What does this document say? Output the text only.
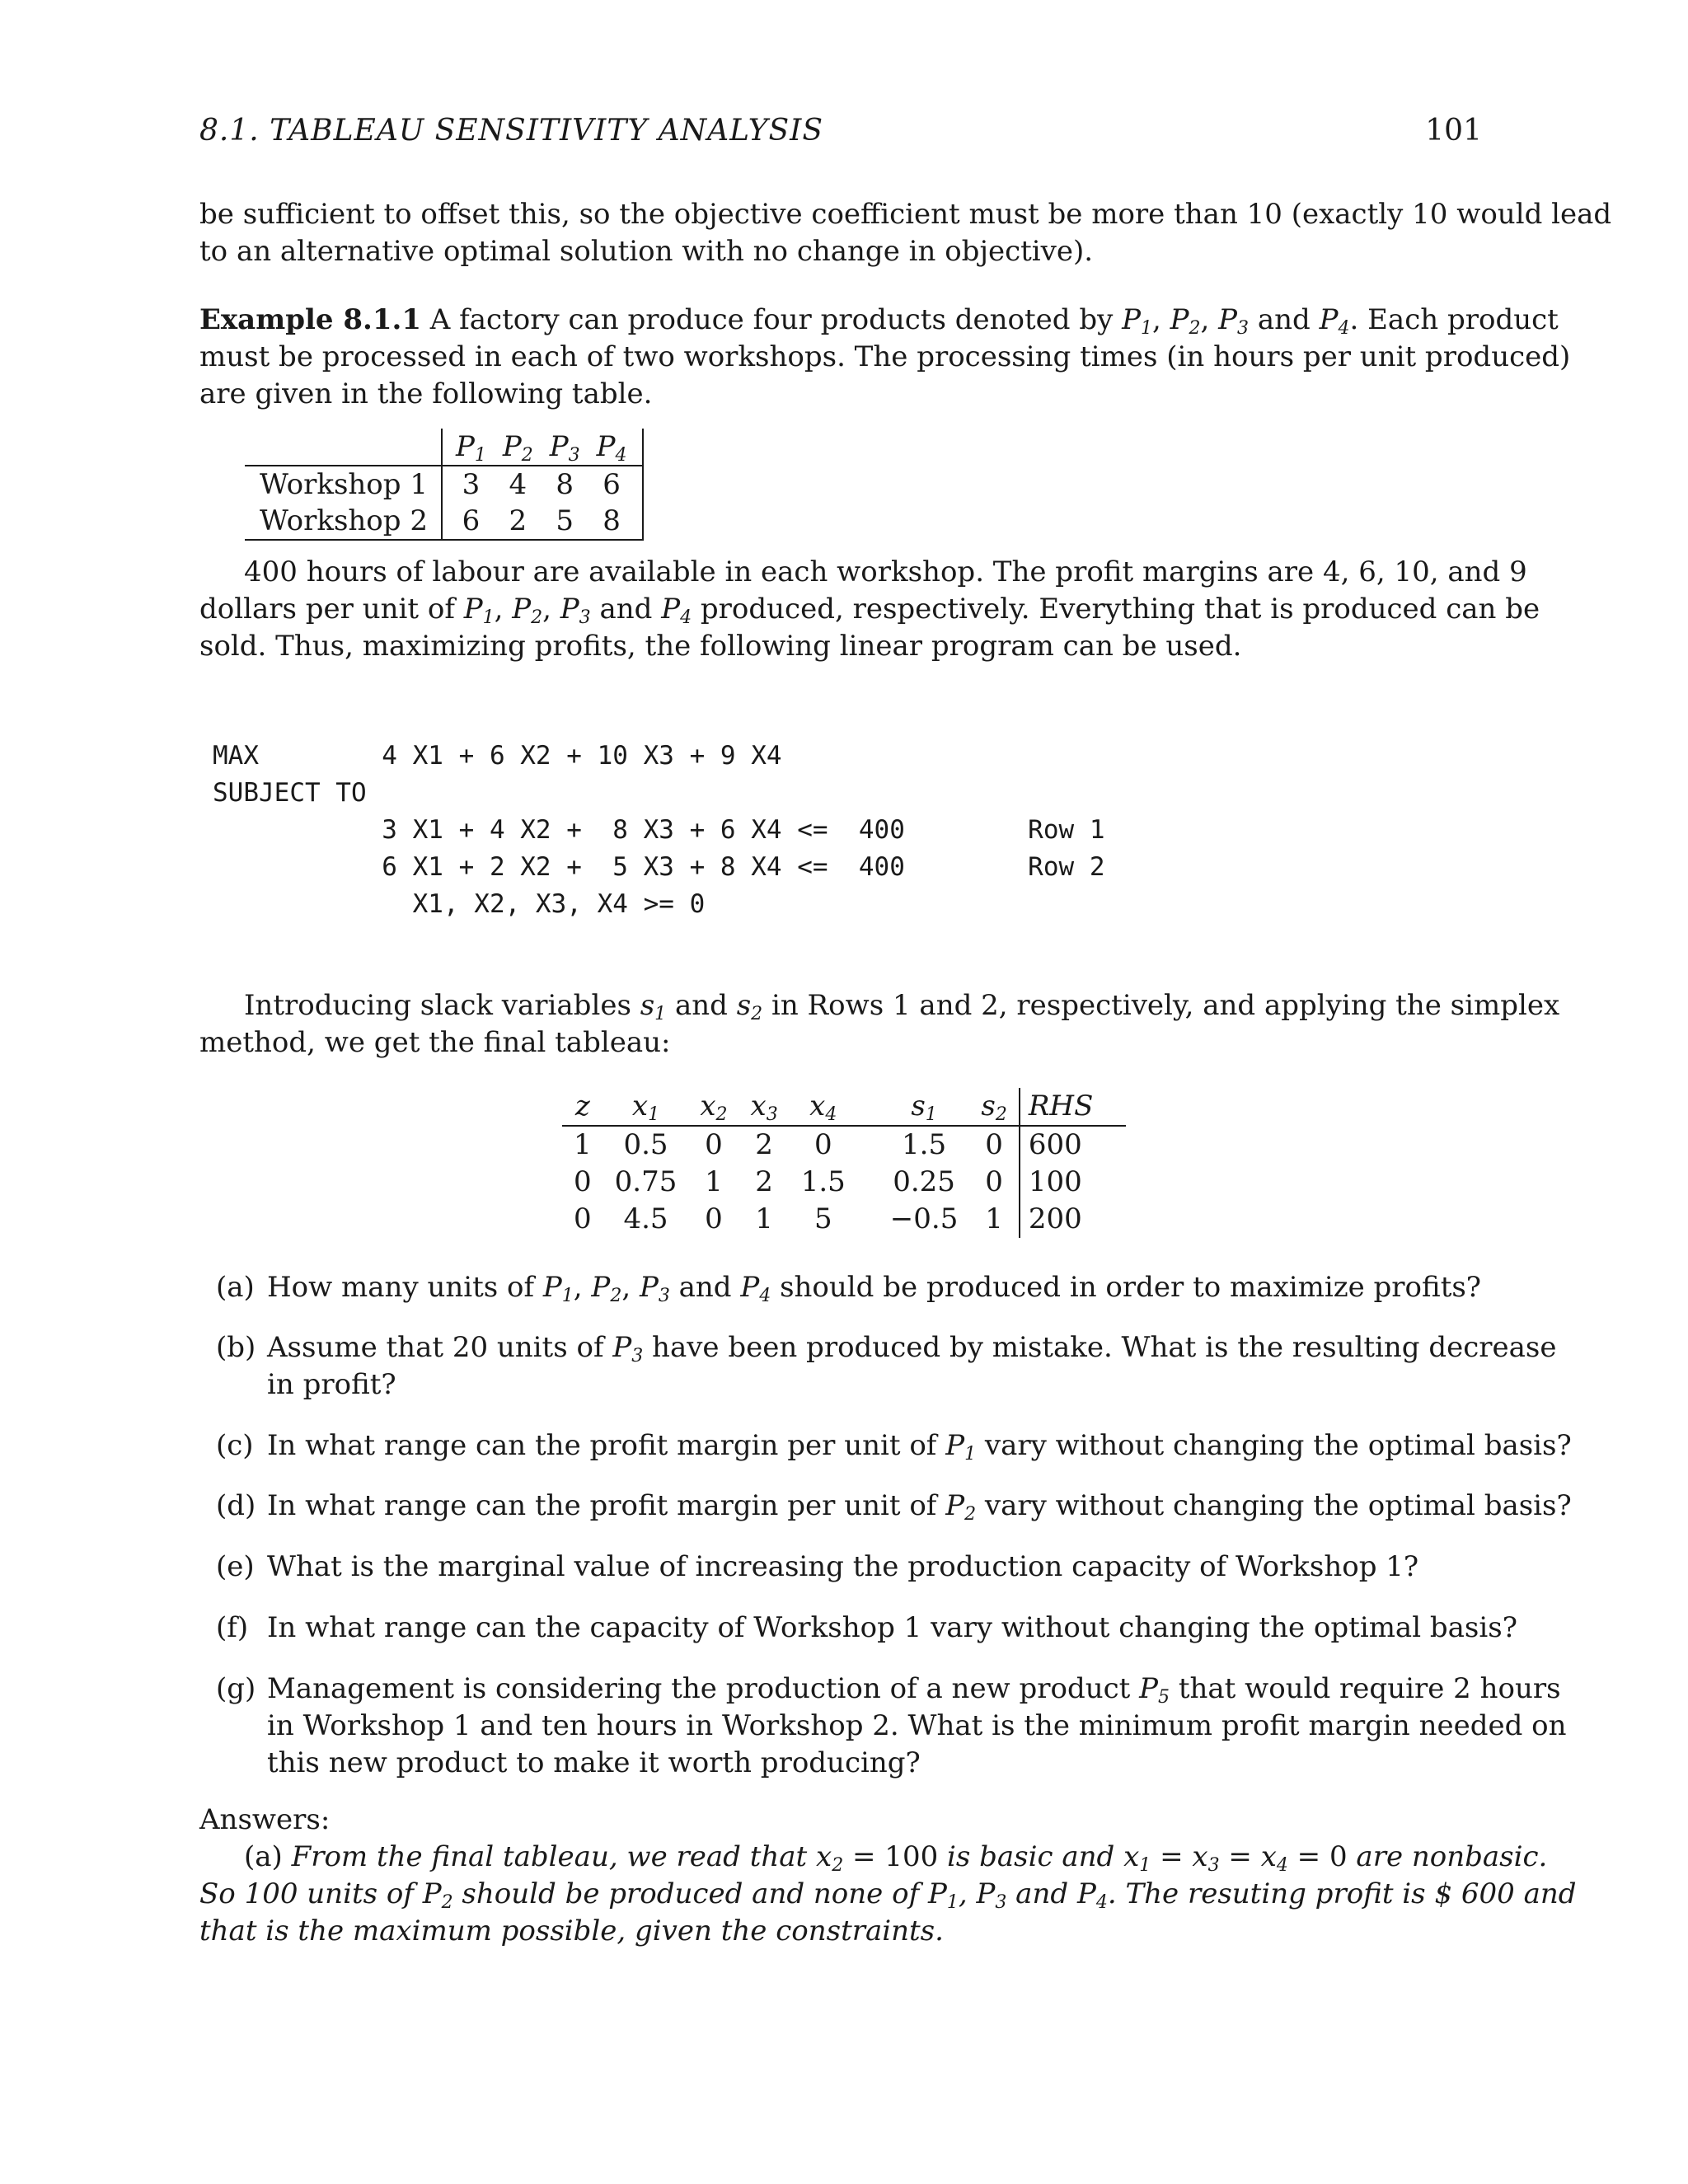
8.1. TABLEAU SENSITIVITY ANALYSIS	101
be sufficient to offset this, so the objective coefficient must be more than 10 (exactly 10 would lead
to an alternative optimal solution with no change in objective).
Example 8.1.1 A factory can produce four products denoted by $P_1$, $P_2$, $P_3$ and $P_4$. Each product
must be processed in each of two workshops. The processing times (in hours per unit produced)
are given in the following table.
	$P_1$	$P_2$	$P_3$	$P_4$
Workshop 1	3	4	8	6
Workshop 2	6	2	5	8
400 hours of labour are available in each workshop. The profit margins are 4, 6, 10, and 9
dollars per unit of $P_1$, $P_2$, $P_3$ and $P_4$ produced, respectively. Everything that is produced can be
sold. Thus, maximizing profits, the following linear program can be used.
MAX        4 X1 + 6 X2 + 10 X3 + 9 X4
SUBJECT TO
3 X1 + 4 X2 +  8 X3 + 6 X4 <=  400        Row 1
6 X1 + 2 X2 +  5 X3 + 8 X4 <=  400        Row 2
X1, X2, X3, X4 >= 0
Introducing slack variables $s_1$ and $s_2$ in Rows 1 and 2, respectively, and applying the simplex
method, we get the final tableau:
z	$x_1$	$x_2$	$x_3$	$x_4$	$s_1$	$s_2$	RHS
1	0.5	0	2	0	1.5	0	600
0	0.75	1	2	1.5	0.25	0	100
0	4.5	0	1	5	−0.5	1	200
(a) How many units of $P_1$, $P_2$, $P_3$ and $P_4$ should be produced in order to maximize profits?
(b) Assume that 20 units of $P_3$ have been produced by mistake. What is the resulting decrease
in profit?
(c) In what range can the profit margin per unit of $P_1$ vary without changing the optimal basis?
(d) In what range can the profit margin per unit of $P_2$ vary without changing the optimal basis?
(e) What is the marginal value of increasing the production capacity of Workshop 1?
(f) In what range can the capacity of Workshop 1 vary without changing the optimal basis?
(g) Management is considering the production of a new product $P_5$ that would require 2 hours
in Workshop 1 and ten hours in Workshop 2. What is the minimum profit margin needed on
this new product to make it worth producing?
Answers:
(a) From the final tableau, we read that $x_2 = 100$ is basic and $x_1 = x_3 = x_4 = 0$ are nonbasic.
So 100 units of $P_2$ should be produced and none of $P_1$, $P_3$ and $P_4$. The resuting profit is $ 600 and
that is the maximum possible, given the constraints.
